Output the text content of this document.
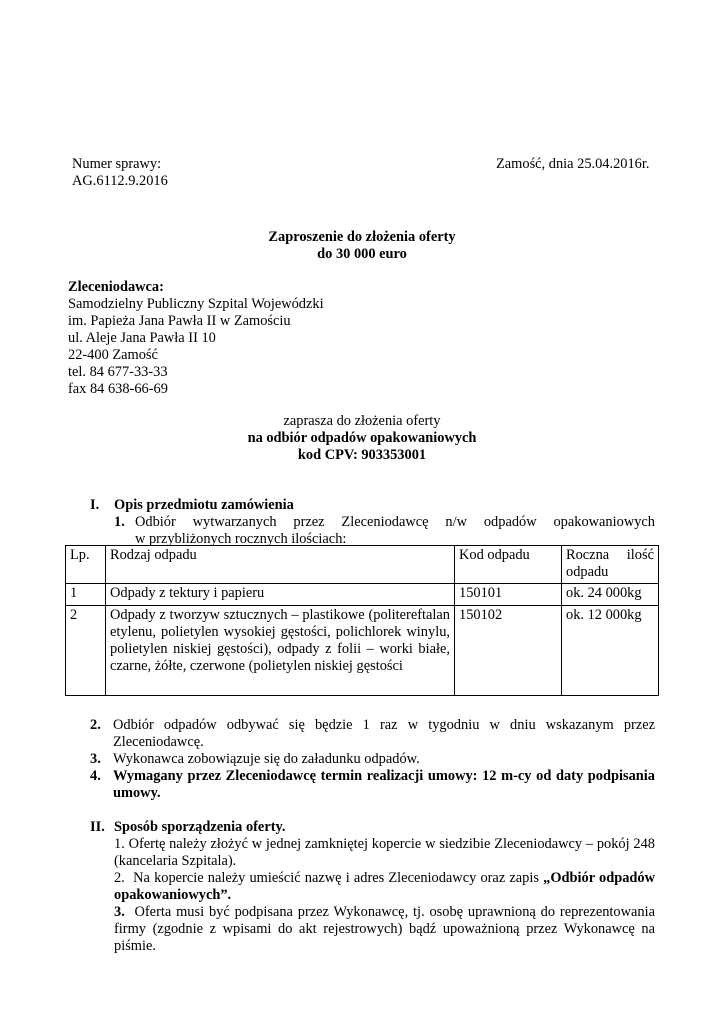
Numer sprawy:
AG.6112.9.2016
Zamość, dnia 25.04.2016r.
Zaproszenie do złożenia oferty
do 30 000 euro
Zleceniodawca:
Samodzielny Publiczny Szpital Wojewódzki
im. Papieża Jana Pawła II w Zamościu
ul. Aleje Jana Pawła II 10
22-400 Zamość
tel. 84 677-33-33
fax 84 638-66-69
zaprasza do złożenia oferty
na odbiór odpadów opakowaniowych
kod CPV: 903353001
I. Opis przedmiotu zamówienia
1. Odbiór wytwarzanych przez Zleceniodawcę n/w odpadów opakowaniowych
w przybliżonych rocznych ilościach:
Lp.	Rodzaj odpadu	Kod odpadu	Roczna ilość odpadu
1	Odpady z tektury i papieru	150101	ok. 24 000kg
2	Odpady z tworzyw sztucznych – plastikowe (politereftalan etylenu, polietylen wysokiej gęstości, polichlorek winylu, polietylen niskiej gęstości), odpady z folii – worki białe, czarne, żółte, czerwone (polietylen niskiej gęstości	150102	ok. 12 000kg
2. Odbiór odpadów odbywać się będzie 1 raz w tygodniu w dniu wskazanym przez Zleceniodawcę.
3. Wykonawca zobowiązuje się do załadunku odpadów.
4. Wymagany przez Zleceniodawcę termin realizacji umowy: 12 m-cy od daty podpisania umowy.
II. Sposób sporządzenia oferty.
1. Ofertę należy złożyć w jednej zamkniętej kopercie w siedzibie Zleceniodawcy – pokój 248 (kancelaria Szpitala).
2. Na kopercie należy umieścić nazwę i adres Zleceniodawcy oraz zapis „Odbiór odpadów opakowaniowych”.
3. Oferta musi być podpisana przez Wykonawcę, tj. osobę uprawnioną do reprezentowania firmy (zgodnie z wpisami do akt rejestrowych) bądź upoważnioną przez Wykonawcę na piśmie.
